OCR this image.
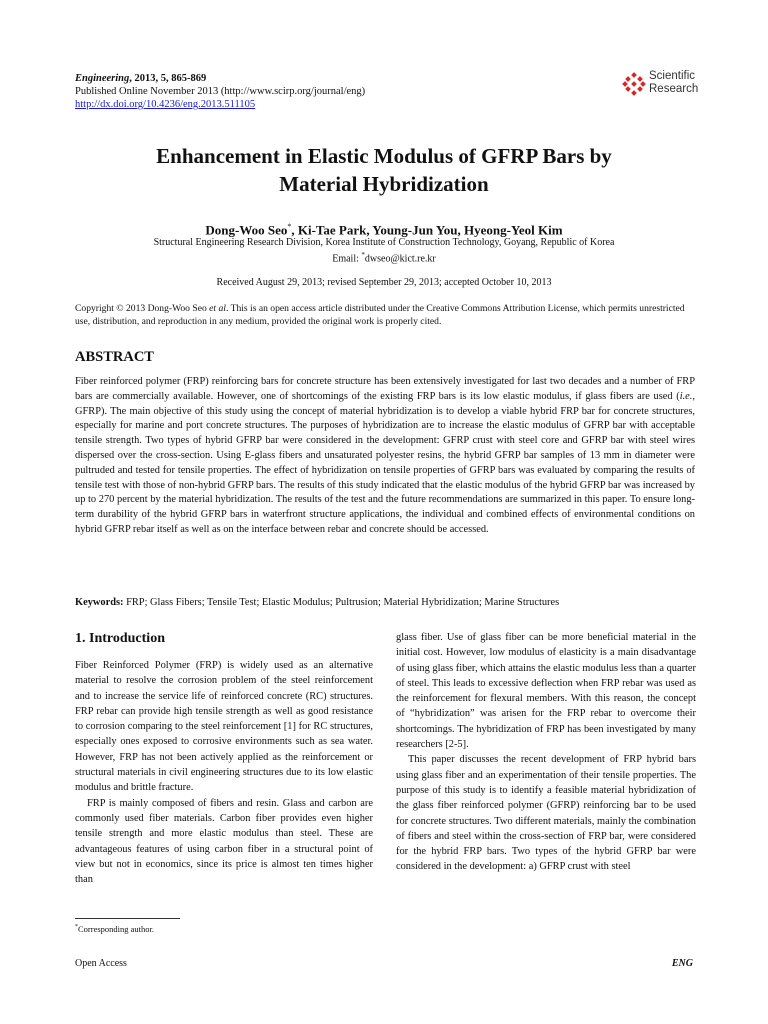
Engineering, 2013, 5, 865-869
Published Online November 2013 (http://www.scirp.org/journal/eng)
http://dx.doi.org/10.4236/eng.2013.511105
Scientific
Research
Enhancement in Elastic Modulus of GFRP Bars by
Material Hybridization
Dong-Woo Seo*, Ki-Tae Park, Young-Jun You, Hyeong-Yeol Kim
Structural Engineering Research Division, Korea Institute of Construction Technology, Goyang, Republic of Korea
Email: *dwseo@kict.re.kr
Received August 29, 2013; revised September 29, 2013; accepted October 10, 2013
Copyright © 2013 Dong-Woo Seo et al. This is an open access article distributed under the Creative Commons Attribution License, which permits unrestricted use, distribution, and reproduction in any medium, provided the original work is properly cited.
ABSTRACT
Fiber reinforced polymer (FRP) reinforcing bars for concrete structure has been extensively investigated for last two decades and a number of FRP bars are commercially available. However, one of shortcomings of the existing FRP bars is its low elastic modulus, if glass fibers are used (i.e., GFRP). The main objective of this study using the concept of material hybridization is to develop a viable hybrid FRP bar for concrete structures, especially for marine and port concrete structures. The purposes of hybridization are to increase the elastic modulus of GFRP bar with acceptable tensile strength. Two types of hybrid GFRP bar were considered in the development: GFRP crust with steel core and GFRP bar with steel wires dispersed over the cross-section. Using E-glass fibers and unsaturated polyester resins, the hybrid GFRP bar samples of 13 mm in diameter were pultruded and tested for tensile properties. The effect of hybridization on tensile properties of GFRP bars was evaluated by comparing the results of tensile test with those of non-hybrid GFRP bars. The results of this study indicated that the elastic modulus of the hybrid GFRP bar was increased by up to 270 percent by the material hybridization. The results of the test and the future recommendations are summarized in this paper. To ensure long-term durability of the hybrid GFRP bars in waterfront structure applications, the individual and combined effects of environmental conditions on hybrid GFRP rebar itself as well as on the interface between rebar and concrete should be accessed.
Keywords: FRP; Glass Fibers; Tensile Test; Elastic Modulus; Pultrusion; Material Hybridization; Marine Structures
1. Introduction

Fiber Reinforced Polymer (FRP) is widely used as an alternative material to resolve the corrosion problem of the steel reinforcement and to increase the service life of reinforced concrete (RC) structures. FRP rebar can provide high tensile strength as well as good resistance to corrosion comparing to the steel reinforcement [1] for RC structures, especially ones exposed to corrosive environments such as sea water. However, FRP has not been actively applied as the reinforcement or structural materials in civil engineering structures due to its low elastic modulus and brittle fracture.

FRP is mainly composed of fibers and resin. Glass and carbon are commonly used fiber materials. Carbon fiber provides even higher tensile strength and more elastic modulus than steel. These are advantageous features of using carbon fiber in a structural point of view but not in economics, since its price is almost ten times higher than

glass fiber. Use of glass fiber can be more beneficial material in the initial cost. However, low modulus of elasticity is a main disadvantage of using glass fiber, which attains the elastic modulus less than a quarter of steel. This leads to excessive deflection when FRP rebar was used as the reinforcement for flexural members. With this reason, the concept of “hybridization” was arisen for the FRP rebar to overcome their shortcomings. The hybridization of FRP has been investigated by many researchers [2-5].

This paper discusses the recent development of FRP hybrid bars using glass fiber and an experimentation of their tensile properties. The purpose of this study is to identify a feasible material hybridization of the glass fiber reinforced polymer (GFRP) reinforcing bar to be used for concrete structures. Two different materials, mainly the combination of fibers and steel within the cross-section of FRP bar, were considered for the hybrid FRP bars. Two types of the hybrid GFRP bar were considered in the development: a) GFRP crust with steel

*Corresponding author.
Open Access	ENG
